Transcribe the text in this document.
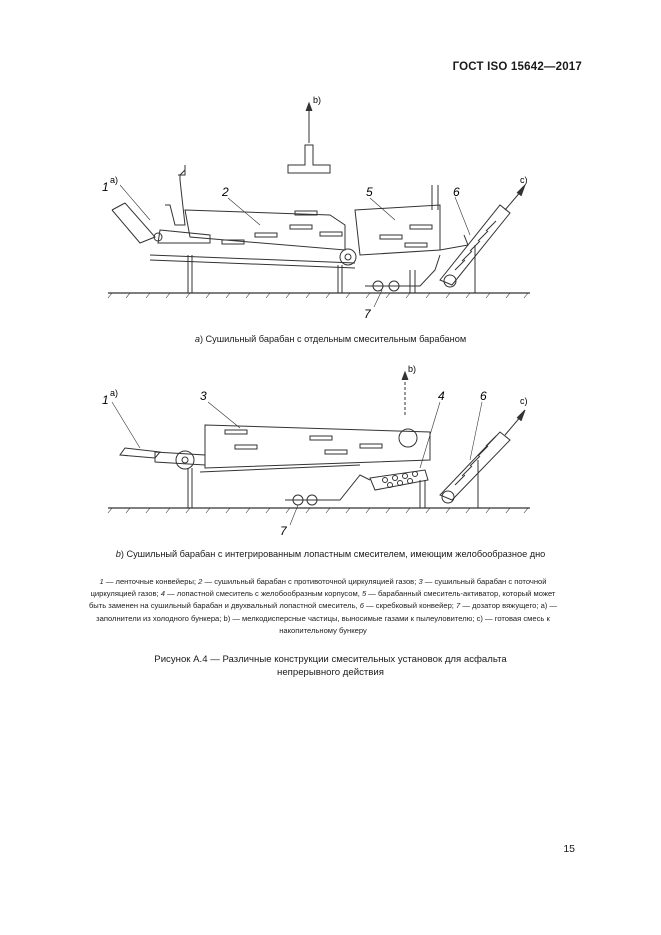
ГОСТ ISO 15642—2017
b)
c)
а)
1	2	5	6
7
а) Сушильный барабан с отдельным смесительным барабаном
b)
c)
а)
1	3	4	6
7
b) Сушильный барабан с интегрированным лопастным смесителем, имеющим желобообразное дно
1 — ленточные конвейеры; 2 — сушильный барабан с противоточной циркуляцией газов; 3 — сушильный барабан с поточной циркуляцией газов; 4 — лопастной смеситель с желобообразным корпусом, 5 — барабанный смеситель-активатор, который может быть заменен на сушильный барабан и двухвальный лопастной смеситель, 6 — скребковый конвейер; 7 — дозатор вяжущего; a) — заполнители из холодного бункера; b) — мелкодисперсные частицы, выносимые газами к пылеуловителю; c) — готовая смесь к накопительному бункеру
Рисунок А.4 — Различные конструкции смесительных установок для асфальта
непрерывного действия
15
